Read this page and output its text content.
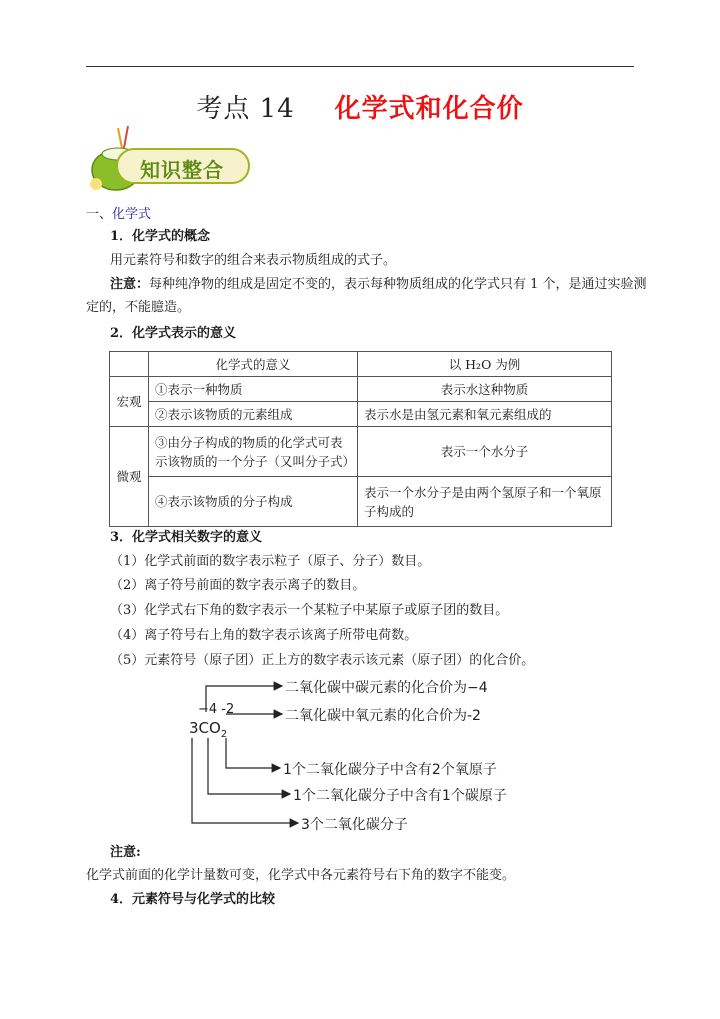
考点 14 化学式和化合价
知识整合
一、化学式
1．化学式的概念
用元素符号和数字的组合来表示物质组成的式子。
注意：每种纯净物的组成是固定不变的，表示每种物质组成的化学式只有 1 个，是通过实验测
定的，不能臆造。
2．化学式表示的意义
	化学式的意义	以 H₂O 为例
宏观	①表示一种物质	表示水这种物质
	②表示该物质的元素组成	表示水是由氢元素和氧元素组成的
微观	③由分子构成的物质的化学式可表示该物质的一个分子（又叫分子式）	表示一个水分子
	④表示该物质的分子构成	表示一个水分子是由两个氢原子和一个氧原子构成的
3．化学式相关数字的意义
（1）化学式前面的数字表示粒子（原子、分子）数目。
（2）离子符号前面的数字表示离子的数目。
（3）化学式右下角的数字表示一个某粒子中某原子或原子团的数目。
（4）离子符号右上角的数字表示该离子所带电荷数。
（5）元素符号（原子团）正上方的数字表示该元素（原子团）的化合价。
−4 -2
$3CO_2$
二氧化碳中碳元素的化合价为−4
二氧化碳中氧元素的化合价为-2
1个二氧化碳分子中含有2个氧原子
1个二氧化碳分子中含有1个碳原子
3个二氧化碳分子
注意:
化学式前面的化学计量数可变，化学式中各元素符号右下角的数字不能变。
4．元素符号与化学式的比较
